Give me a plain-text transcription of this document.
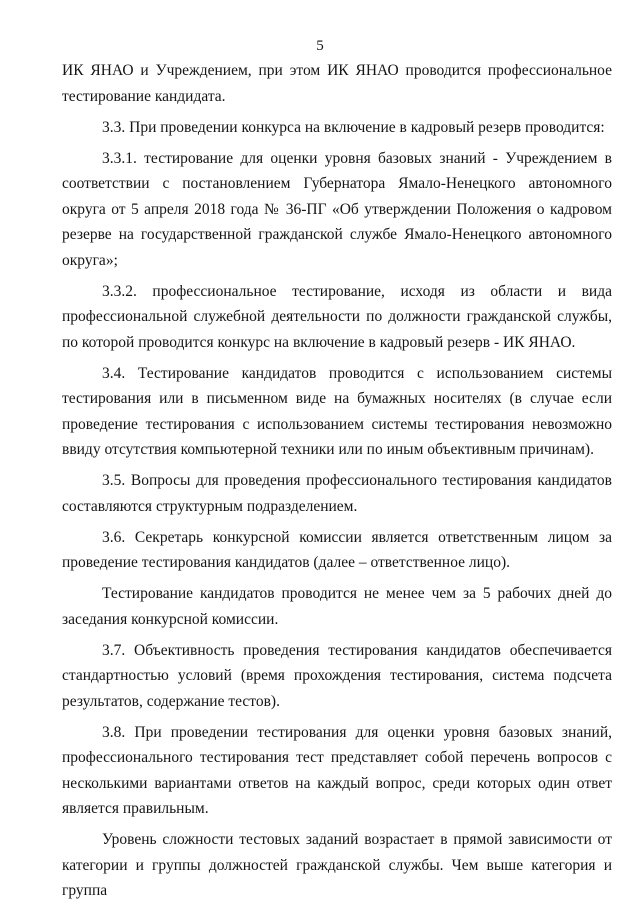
5

ИК ЯНАО и Учреждением, при этом ИК ЯНАО проводится профессиональное тестирование кандидата.

3.3. При проведении конкурса на включение в кадровый резерв проводится:

3.3.1. тестирование для оценки уровня базовых знаний - Учреждением в соответствии с постановлением Губернатора Ямало-Ненецкого автономного округа от 5 апреля 2018 года № 36-ПГ «Об утверждении Положения о кадровом резерве на государственной гражданской службе Ямало-Ненецкого автономного округа»;

3.3.2. профессиональное тестирование, исходя из области и вида профессиональной служебной деятельности по должности гражданской службы, по которой проводится конкурс на включение в кадровый резерв - ИК ЯНАО.

3.4. Тестирование кандидатов проводится с использованием системы тестирования или в письменном виде на бумажных носителях (в случае если проведение тестирования с использованием системы тестирования невозможно ввиду отсутствия компьютерной техники или по иным объективным причинам).

3.5. Вопросы для проведения профессионального тестирования кандидатов составляются структурным подразделением.

3.6. Секретарь конкурсной комиссии является ответственным лицом за проведение тестирования кандидатов (далее – ответственное лицо).

Тестирование кандидатов проводится не менее чем за 5 рабочих дней до заседания конкурсной комиссии.

3.7. Объективность проведения тестирования кандидатов обеспечивается стандартностью условий (время прохождения тестирования, система подсчета результатов, содержание тестов).

3.8. При проведении тестирования для оценки уровня базовых знаний, профессионального тестирования тест представляет собой перечень вопросов с несколькими вариантами ответов на каждый вопрос, среди которых один ответ является правильным.

Уровень сложности тестовых заданий возрастает в прямой зависимости от категории и группы должностей гражданской службы. Чем выше категория и группа
